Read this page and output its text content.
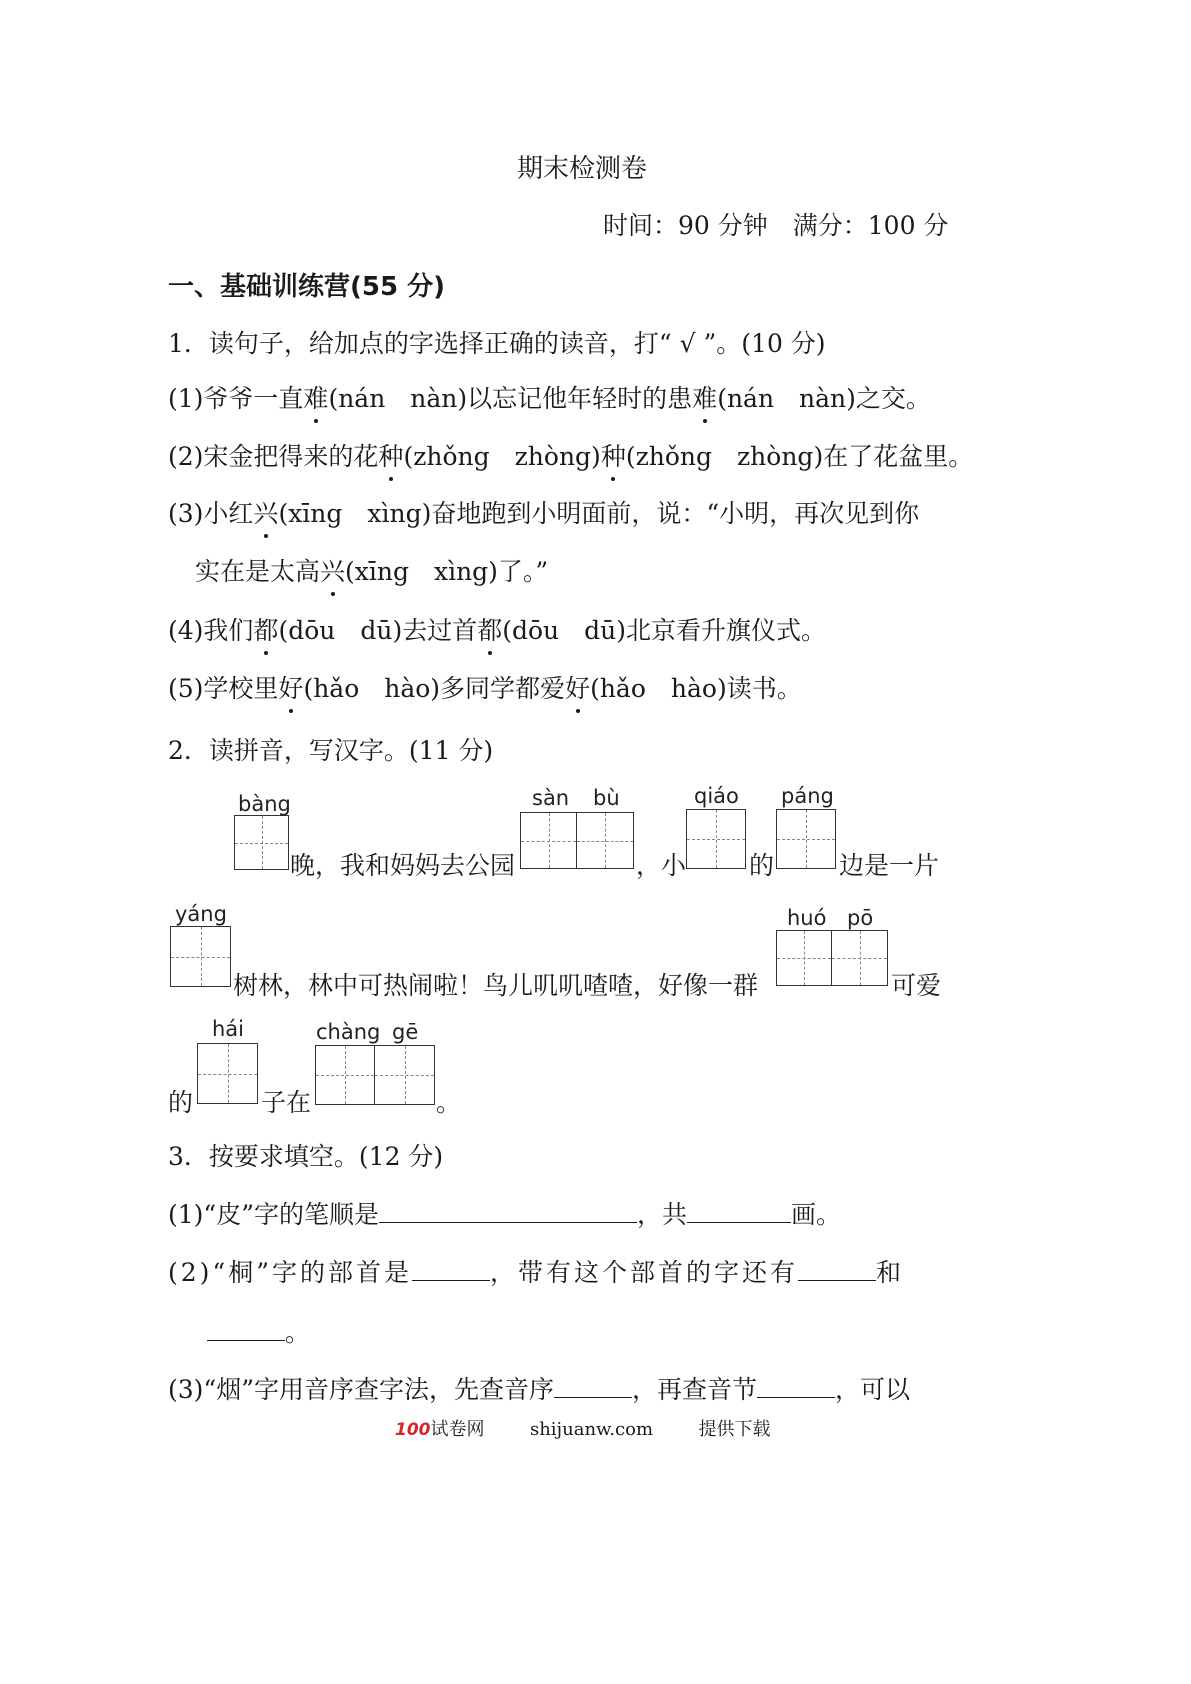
期末检测卷
时间：90 分钟　满分：100 分
一、基础训练营(55 分)
1．读句子，给加点的字选择正确的读音，打“ √ ”。(10 分)
(1)爷爷一直难(nán　nàn)以忘记他年轻时的患难(nán　nàn)之交。
(2)宋金把得来的花种(zhǒng　zhòng)种(zhǒng　zhòng)在了花盆里。
(3)小红兴(xīng　xìng)奋地跑到小明面前，说：“小明，再次见到你
实在是太高兴(xīng　xìng)了。”
(4)我们都(dōu　dū)去过首都(dōu　dū)北京看升旗仪式。
(5)学校里好(hǎo　hào)多同学都爱好(hǎo　hào)读书。
2．读拼音，写汉字。(11 分)
bàng
晚，我和妈妈去公园
sàn bù
，小
qiáo
的
páng
边是一片
yáng
树林，林中可热闹啦！鸟儿叽叽喳喳，好像一群
huó pō
可爱
hái
的	子在
chàng gē
。
3．按要求填空。(12 分)
(1)“皮”字的笔顺是	，共	画。
(2)“桐”字的部首是	，带有这个部首的字还有	和
。
(3)“烟”字用音序查字法，先查音序	，再查音节	，可以
100试卷网	shijuanw.com	提供下载
